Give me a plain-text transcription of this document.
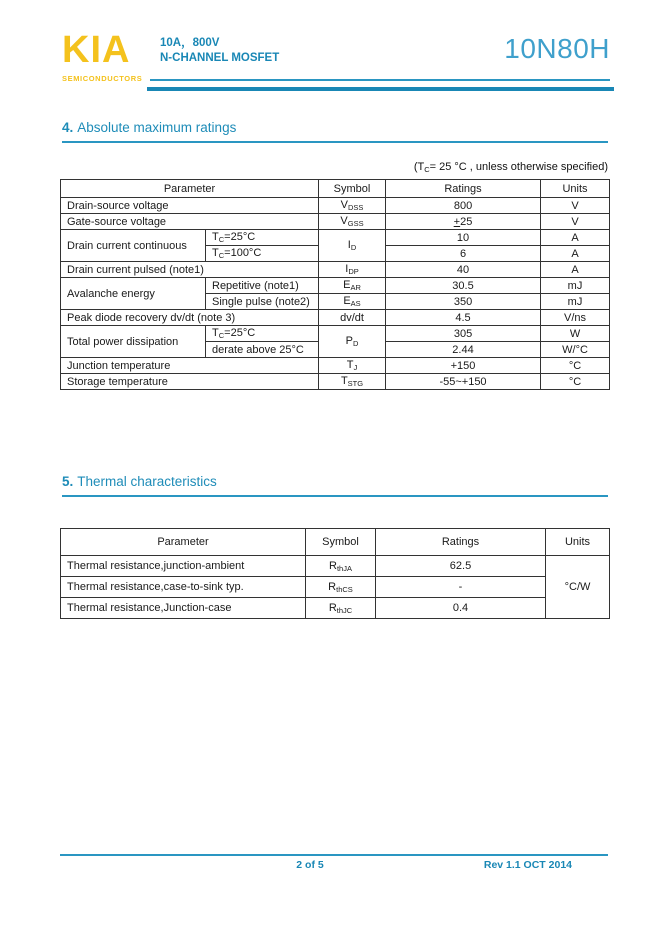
KIA
SEMICONDUCTORS
10A，800V
N-CHANNEL MOSFET	10N80H
4. Absolute maximum ratings
($T_C= 25$ °C , unless otherwise specified)
Parameter		Symbol	Ratings	Units
Drain-source voltage		$V_{DSS}$	800	V
Gate-source voltage		$V_{GSS}$	+25	V
Drain current continuous	$T_C=25^\circ C$	$I_D$	10	A
	$T_C=100^\circ C$		6	A
Drain current pulsed (note1)		$I_{DP}$	40	A
Avalanche energy	Repetitive (note1)	$E_{AR}$	30.5	mJ
	Single pulse (note2)	$E_{AS}$	350	mJ
Peak diode recovery dv/dt (note 3)		dv/dt	4.5	V/ns
Total power dissipation	$T_C=25^\circ C$	$P_D$	305	W
	derate above 25°C		2.44	W/°C
Junction temperature		$T_J$	+150	°C
Storage temperature		$T_{STG}$	-55~+150	°C
5. Thermal characteristics
Parameter	Symbol	Ratings	Units
Thermal resistance,junction-ambient	$R_{thJA}$	62.5	°C/W
Thermal resistance,case-to-sink typ.	$R_{thCS}$	-	
Thermal resistance,Junction-case	$R_{thJC}$	0.4	
2 of 5	Rev 1.1 OCT 2014
